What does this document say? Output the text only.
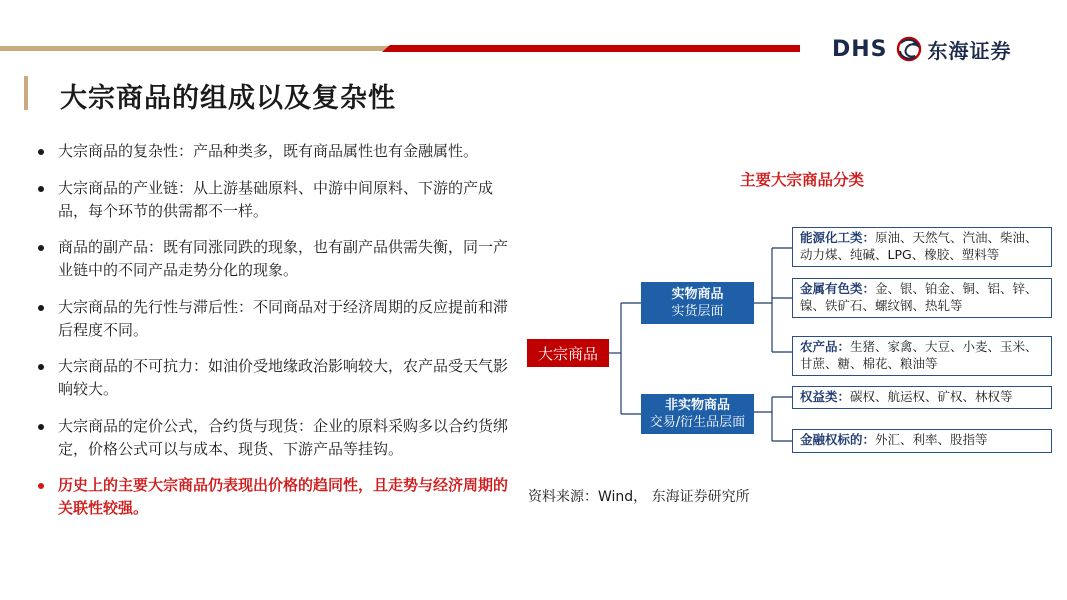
DHS 东海证券
大宗商品的组成以及复杂性
大宗商品的复杂性：产品种类多，既有商品属性也有金融属性。
大宗商品的产业链：从上游基础原料、中游中间原料、下游的产成品，每个环节的供需都不一样。
商品的副产品：既有同涨同跌的现象，也有副产品供需失衡，同一产业链中的不同产品走势分化的现象。
大宗商品的先行性与滞后性：不同商品对于经济周期的反应提前和滞后程度不同。
大宗商品的不可抗力：如油价受地缘政治影响较大，农产品受天气影响较大。
大宗商品的定价公式，合约货与现货：企业的原料采购多以合约货绑定，价格公式可以与成本、现货、下游产品等挂钩。
历史上的主要大宗商品仍表现出价格的趋同性，且走势与经济周期的关联性较强。
主要大宗商品分类
大宗商品
实物商品
实货层面
非实物商品
交易/衍生品层面
能源化工类：原油、天然气、汽油、柴油、动力煤、纯碱、LPG、橡胶、塑料等
金属有色类：金、银、铂金、铜、铝、锌、镍、铁矿石、螺纹钢、热轧等
农产品：生猪、家禽、大豆、小麦、玉米、甘蔗、糖、棉花、粮油等
权益类：碳权、航运权、矿权、林权等
金融权标的：外汇、利率、股指等
资料来源：Wind， 东海证券研究所
